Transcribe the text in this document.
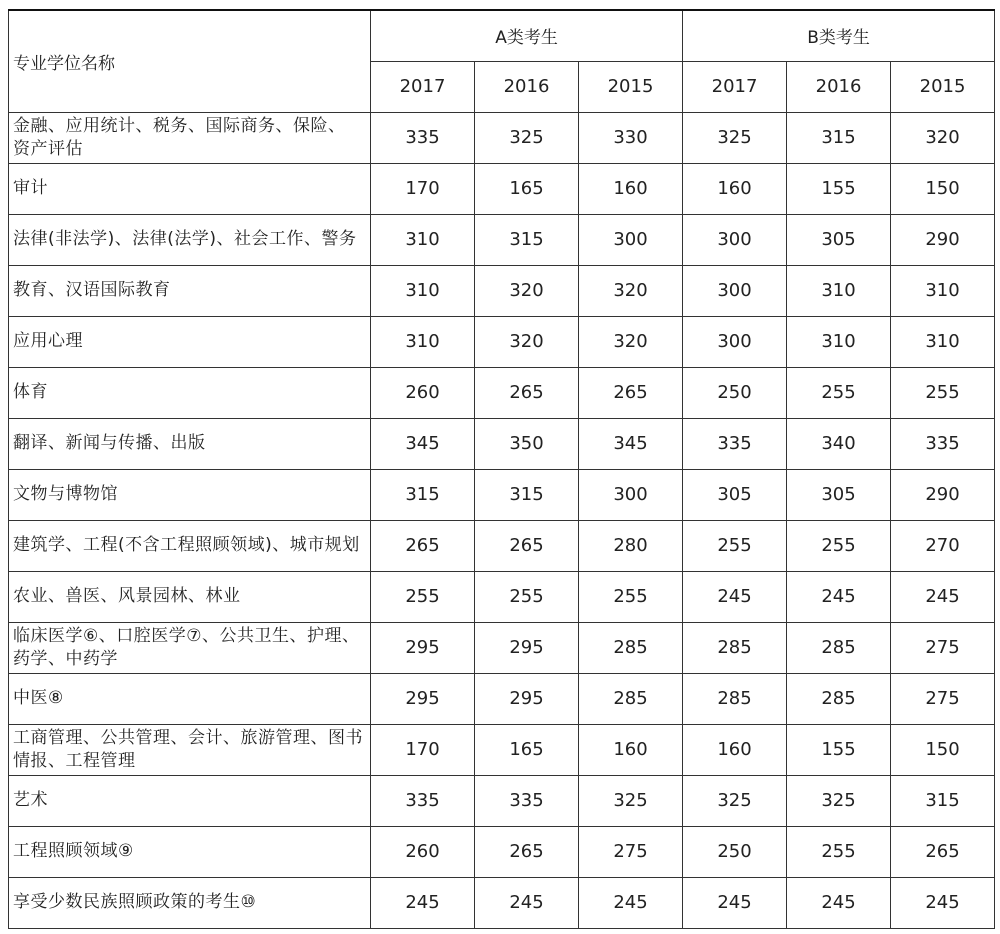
专业学位名称	A类考生			B类考生		
	2017	2016	2015	2017	2016	2015
金融、应用统计、税务、国际商务、保险、 资产评估	335	325	330	325	315	320
审计	170	165	160	160	155	150
法律(非法学)、法律(法学)、社会工作、警务	310	315	300	300	305	290
教育、汉语国际教育	310	320	320	300	310	310
应用心理	310	320	320	300	310	310
体育	260	265	265	250	255	255
翻译、新闻与传播、出版	345	350	345	335	340	335
文物与博物馆	315	315	300	305	305	290
建筑学、工程(不含工程照顾领域)、城市规划	265	265	280	255	255	270
农业、兽医、风景园林、林业	255	255	255	245	245	245
临床医学⑥、口腔医学⑦、公共卫生、护理、 药学、中药学	295	295	285	285	285	275
中医⑧	295	295	285	285	285	275
工商管理、公共管理、会计、旅游管理、图书情报、工程管理	170	165	160	160	155	150
艺术	335	335	325	325	325	315
工程照顾领域⑨	260	265	275	250	255	265
享受少数民族照顾政策的考生⑩	245	245	245	245	245	245
